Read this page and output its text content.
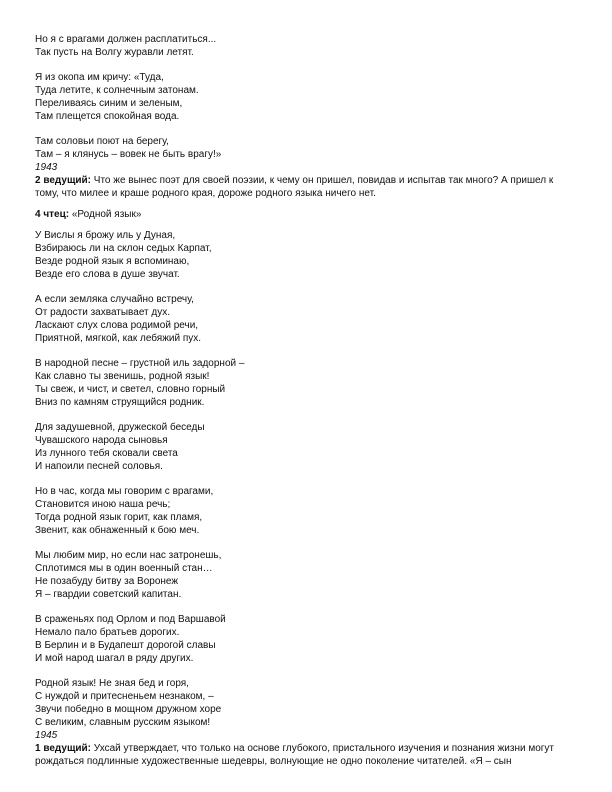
Но я с врагами должен расплатиться...
Так пусть на Волгу журавли летят.
Я из окопа им кричу: «Туда,
Туда летите, к солнечным затонам.
Переливаясь синим и зеленым,
Там плещется спокойная вода.
Там соловьи поют на берегу,
Там – я клянусь – вовек не быть врагу!»
1943
2 ведущий: Что же вынес поэт для своей поэзии, к чему он пришел, повидав и испытав так много? А пришел к
тому, что милее и краше родного края, дороже родного языка ничего нет.
4 чтец: «Родной язык»
У Вислы я брожу иль у Дуная,
Взбираюсь ли на склон седых Карпат,
Везде родной язык я вспоминаю,
Везде его слова в душе звучат.
А если земляка случайно встречу,
От радости захватывает дух.
Ласкают слух слова родимой речи,
Приятной, мягкой, как лебяжий пух.
В народной песне – грустной иль задорной –
Как славно ты звенишь, родной язык!
Ты свеж, и чист, и светел, словно горный
Вниз по камням струящийся родник.
Для задушевной, дружеской беседы
Чувашского народа сыновья
Из лунного тебя сковали света
И напоили песней соловья.
Но в час, когда мы говорим с врагами,
Становится иною наша речь;
Тогда родной язык горит, как пламя,
Звенит, как обнаженный к бою меч.
Мы любим мир, но если нас затронешь,
Сплотимся мы в один военный стан…
Не позабуду битву за Воронеж
Я – гвардии советский капитан.
В сраженьях под Орлом и под Варшавой
Немало пало братьев дорогих.
В Берлин и в Будапешт дорогой славы
И мой народ шагал в ряду других.
Родной язык! Не зная бед и горя,
С нуждой и притесненьем незнаком, –
Звучи победно в мощном дружном хоре
С великим, славным русским языком!
1945
1 ведущий: Ухсай утверждает, что только на основе глубокого, пристального изучения и познания жизни могут
рождаться подлинные художественные шедевры, волнующие не одно поколение читателей. «Я – сын
